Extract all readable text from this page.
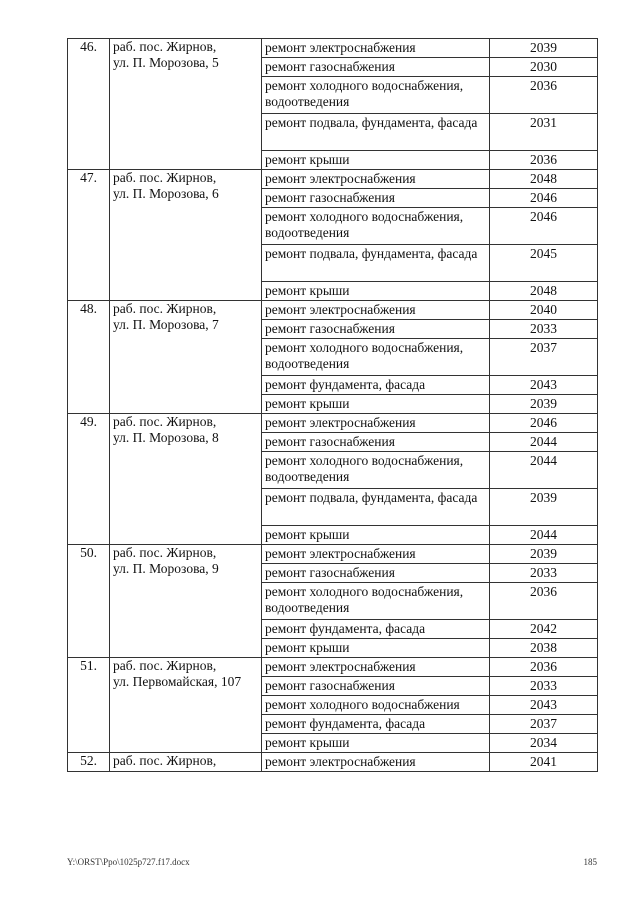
46.	раб. пос. Жирнов,
ул. П. Морозова, 5	ремонт электроснабжения	2039
		ремонт газоснабжения	2030
		ремонт холодного водоснабжения, водоотведения	2036
		ремонт подвала, фундамента, фасада	2031
		ремонт крыши	2036
47.	раб. пос. Жирнов,
ул. П. Морозова, 6	ремонт электроснабжения	2048
		ремонт газоснабжения	2046
		ремонт холодного водоснабжения, водоотведения	2046
		ремонт подвала, фундамента, фасада	2045
		ремонт крыши	2048
48.	раб. пос. Жирнов,
ул. П. Морозова, 7	ремонт электроснабжения	2040
		ремонт газоснабжения	2033
		ремонт холодного водоснабжения, водоотведения	2037
		ремонт фундамента, фасада	2043
		ремонт крыши	2039
49.	раб. пос. Жирнов,
ул. П. Морозова, 8	ремонт электроснабжения	2046
		ремонт газоснабжения	2044
		ремонт холодного водоснабжения, водоотведения	2044
		ремонт подвала, фундамента, фасада	2039
		ремонт крыши	2044
50.	раб. пос. Жирнов,
ул. П. Морозова, 9	ремонт электроснабжения	2039
		ремонт газоснабжения	2033
		ремонт холодного водоснабжения, водоотведения	2036
		ремонт фундамента, фасада	2042
		ремонт крыши	2038
51.	раб. пос. Жирнов,
ул. Первомайская, 107	ремонт электроснабжения	2036
		ремонт газоснабжения	2033
		ремонт холодного водоснабжения	2043
		ремонт фундамента, фасада	2037
		ремонт крыши	2034
52.	раб. пос. Жирнов,	ремонт электроснабжения	2041
Y:\ORST\Ppo\1025p727.f17.docx	185
